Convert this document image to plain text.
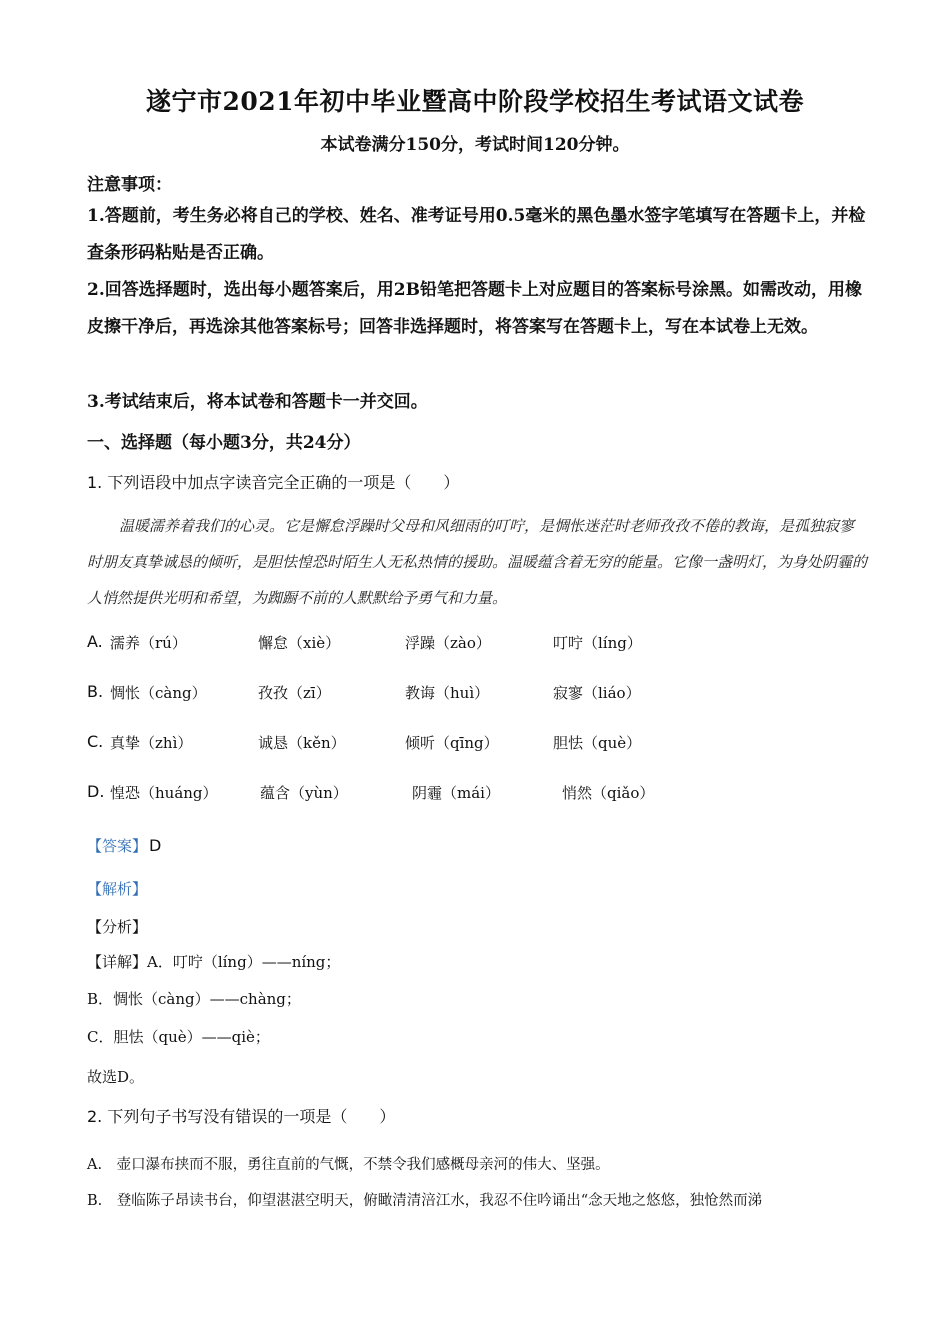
遂宁市2021年初中毕业暨高中阶段学校招生考试语文试卷
本试卷满分150分，考试时间120分钟。
注意事项：
1.答题前，考生务必将自己的学校、姓名、准考证号用0.5毫米的黑色墨水签字笔填写在答题卡上，并检查条形码粘贴是否正确。
2.回答选择题时，选出每小题答案后，用2B铅笔把答题卡上对应题目的答案标号涂黑。如需改动，用橡皮擦干净后，再选涂其他答案标号；回答非选择题时，将答案写在答题卡上，写在本试卷上无效。
3.考试结束后，将本试卷和答题卡一并交回。
一、选择题（每小题3分，共24分）
1. 下列语段中加点字读音完全正确的一项是（　　）
温暖濡养着我们的心灵。它是懈怠浮躁时父母和风细雨的叮咛，是惆怅迷茫时老师孜孜不倦的教诲，是孤独寂寥时朋友真挚诚恳的倾听，是胆怯惶恐时陌生人无私热情的援助。温暖蕴含着无穷的能量。它像一盏明灯，为身处阴霾的人悄然提供光明和希望，为踟蹰不前的人默默给予勇气和力量。
A. 濡养（rú）	懈怠（xiè）	浮躁（zào）	叮咛（líng）
B. 惆怅（càng）	孜孜（zī）	教诲（huì）	寂寥（liáo）
C. 真挚（zhì）	诚恳（kěn）	倾听（qīng）	胆怯（què）
D. 惶恐（huáng）	蕴含（yùn）	阴霾（mái）	悄然（qiǎo）
【答案】 D
【解析】
【分析】
【详解】A．叮咛（líng）——níng；
B．惆怅（càng）——chàng；
C．胆怯（què）——qiè；
故选D。
2. 下列句子书写没有错误的一项是（　　）
A.　壶口瀑布挟而不服，勇往直前的气慨，不禁令我们感概母亲河的伟大、坚强。
B.　登临陈子昂读书台，仰望湛湛空明天，俯瞰清清涪江水，我忍不住吟诵出“念天地之悠悠，独怆然而涕
